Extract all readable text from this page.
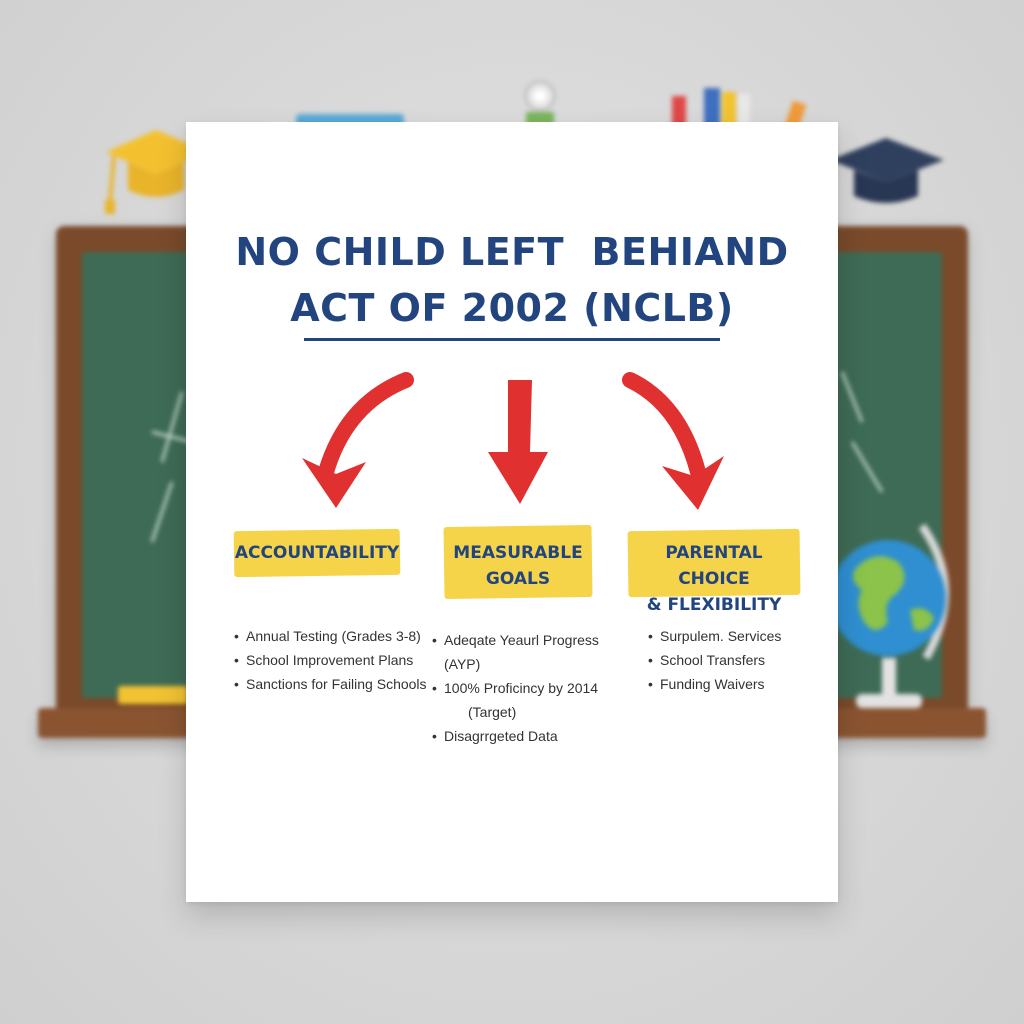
NO CHILD LEFT  BEHIAND
ACT OF 2002 (NCLB)
ACCOUNTABILITY
• Annual Testing (Grades 3-8)
• School Improvement Plans
• Sanctions for Failing Schools
MEASURABLE
GOALS
• Adeqate Yeaurl Progress (AYP)
• 100% Proficincy by 2014
(Target)
• Disagrrgeted Data
PARENTAL CHOICE
& FLEXIBILITY
• Surpulem. Services
• School Transfers
• Funding Waivers
